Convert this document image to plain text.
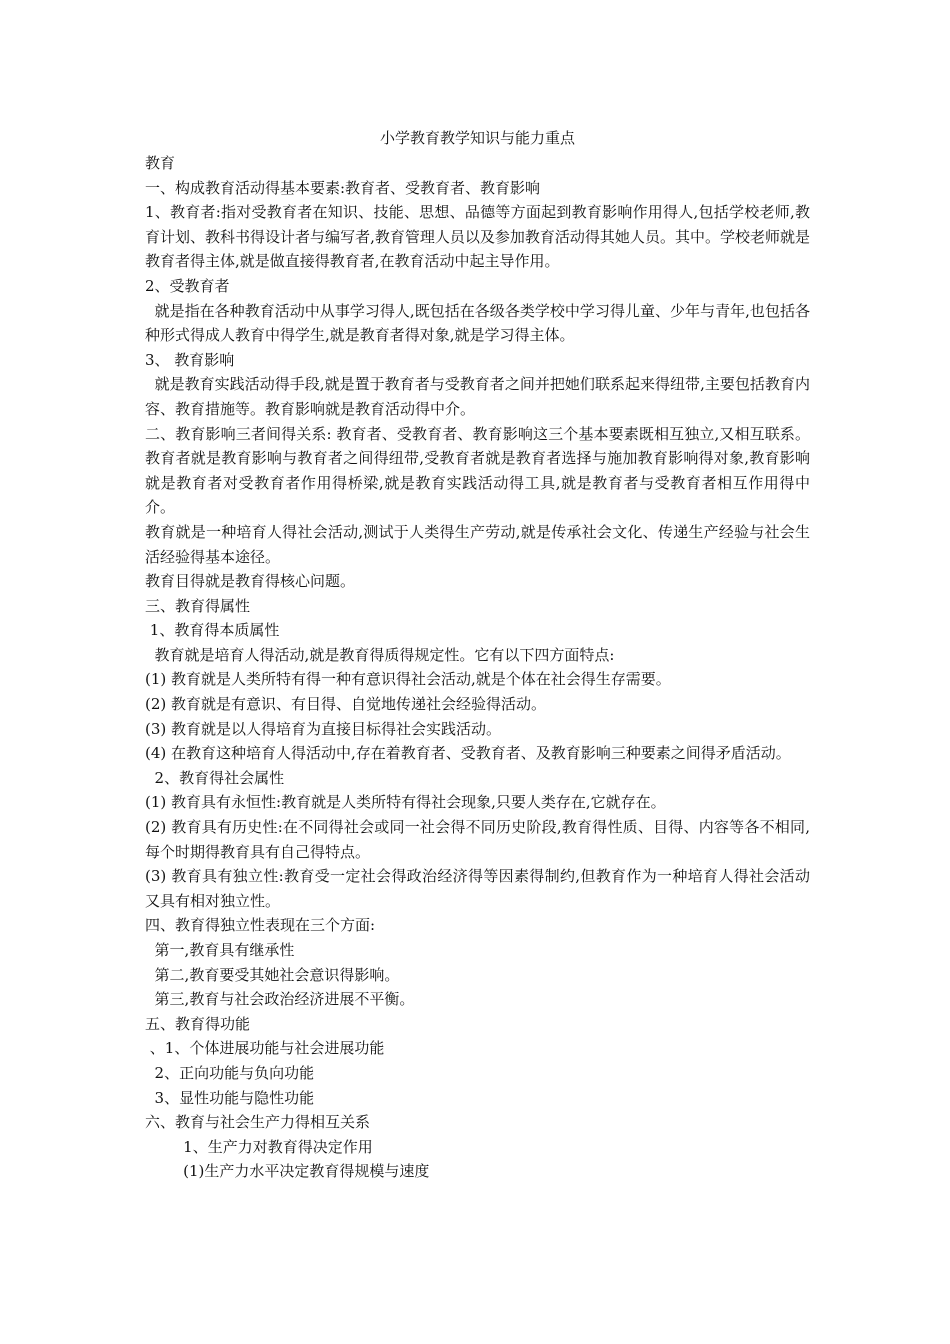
小学教育教学知识与能力重点
教育
一、构成教育活动得基本要素:教育者、受教育者、教育影响
1、教育者:指对受教育者在知识、技能、思想、品德等方面起到教育影响作用得人,包括学校老师,教育计划、教科书得设计者与编写者,教育管理人员以及参加教育活动得其她人员。其中。学校老师就是教育者得主体,就是做直接得教育者,在教育活动中起主导作用。
2、受教育者
就是指在各种教育活动中从事学习得人,既包括在各级各类学校中学习得儿童、少年与青年,也包括各种形式得成人教育中得学生,就是教育者得对象,就是学习得主体。
3、 教育影响
就是教育实践活动得手段,就是置于教育者与受教育者之间并把她们联系起来得纽带,主要包括教育内容、教育措施等。教育影响就是教育活动得中介。
二、教育影响三者间得关系: 教育者、受教育者、教育影响这三个基本要素既相互独立,又相互联系。教育者就是教育影响与教育者之间得纽带,受教育者就是教育者选择与施加教育影响得对象,教育影响就是教育者对受教育者作用得桥梁,就是教育实践活动得工具,就是教育者与受教育者相互作用得中介。
教育就是一种培育人得社会活动,测试于人类得生产劳动,就是传承社会文化、传递生产经验与社会生活经验得基本途径。
教育目得就是教育得核心问题。
三、教育得属性
1、教育得本质属性
教育就是培育人得活动,就是教育得质得规定性。它有以下四方面特点:
(1) 教育就是人类所特有得一种有意识得社会活动,就是个体在社会得生存需要。
(2) 教育就是有意识、有目得、自觉地传递社会经验得活动。
(3) 教育就是以人得培育为直接目标得社会实践活动。
(4) 在教育这种培育人得活动中,存在着教育者、受教育者、及教育影响三种要素之间得矛盾活动。
2、教育得社会属性
(1) 教育具有永恒性:教育就是人类所特有得社会现象,只要人类存在,它就存在。
(2) 教育具有历史性:在不同得社会或同一社会得不同历史阶段,教育得性质、目得、内容等各不相同,每个时期得教育具有自己得特点。
(3) 教育具有独立性:教育受一定社会得政治经济得等因素得制约,但教育作为一种培育人得社会活动又具有相对独立性。
四、教育得独立性表现在三个方面:
第一,教育具有继承性
第二,教育要受其她社会意识得影响。
第三,教育与社会政治经济进展不平衡。
五、教育得功能
、1、个体进展功能与社会进展功能
2、正向功能与负向功能
3、显性功能与隐性功能
六、教育与社会生产力得相互关系
1、生产力对教育得决定作用
(1)生产力水平决定教育得规模与速度
